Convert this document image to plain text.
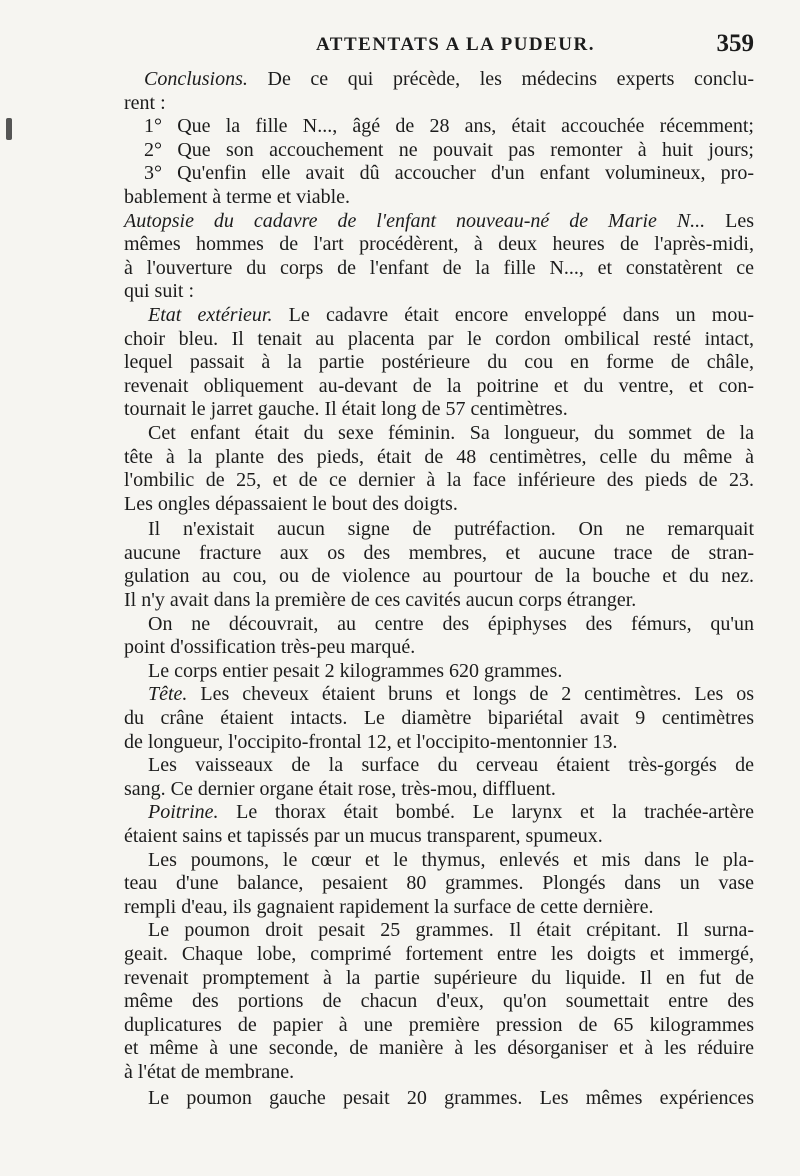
ATTENTATS A LA PUDEUR.	359
Conclusions. De ce qui précède, les médecins experts conclu-
rent :
1° Que la fille N..., âgé de 28 ans, était accouchée récemment;
2° Que son accouchement ne pouvait pas remonter à huit jours;
3° Qu'enfin elle avait dû accoucher d'un enfant volumineux, pro-
bablement à terme et viable.
Autopsie du cadavre de l'enfant nouveau-né de Marie N... Les
mêmes hommes de l'art procédèrent, à deux heures de l'après-midi,
à l'ouverture du corps de l'enfant de la fille N..., et constatèrent ce
qui suit :
Etat extérieur. Le cadavre était encore enveloppé dans un mou-
choir bleu. Il tenait au placenta par le cordon ombilical resté intact,
lequel passait à la partie postérieure du cou en forme de châle,
revenait obliquement au-devant de la poitrine et du ventre, et con-
tournait le jarret gauche. Il était long de 57 centimètres.
Cet enfant était du sexe féminin. Sa longueur, du sommet de la
tête à la plante des pieds, était de 48 centimètres, celle du même à
l'ombilic de 25, et de ce dernier à la face inférieure des pieds de 23.
Les ongles dépassaient le bout des doigts.
Il n'existait aucun signe de putréfaction. On ne remarquait
aucune fracture aux os des membres, et aucune trace de stran-
gulation au cou, ou de violence au pourtour de la bouche et du nez.
Il n'y avait dans la première de ces cavités aucun corps étranger.
On ne découvrait, au centre des épiphyses des fémurs, qu'un
point d'ossification très-peu marqué.
Le corps entier pesait 2 kilogrammes 620 grammes.
Tête. Les cheveux étaient bruns et longs de 2 centimètres. Les os
du crâne étaient intacts. Le diamètre bipariétal avait 9 centimètres
de longueur, l'occipito-frontal 12, et l'occipito-mentonnier 13.
Les vaisseaux de la surface du cerveau étaient très-gorgés de
sang. Ce dernier organe était rose, très-mou, diffluent.
Poitrine. Le thorax était bombé. Le larynx et la trachée-artère
étaient sains et tapissés par un mucus transparent, spumeux.
Les poumons, le cœur et le thymus, enlevés et mis dans le pla-
teau d'une balance, pesaient 80 grammes. Plongés dans un vase
rempli d'eau, ils gagnaient rapidement la surface de cette dernière.
Le poumon droit pesait 25 grammes. Il était crépitant. Il surna-
geait. Chaque lobe, comprimé fortement entre les doigts et immergé,
revenait promptement à la partie supérieure du liquide. Il en fut de
même des portions de chacun d'eux, qu'on soumettait entre des
duplicatures de papier à une première pression de 65 kilogrammes
et même à une seconde, de manière à les désorganiser et à les réduire
à l'état de membrane.
Le poumon gauche pesait 20 grammes. Les mêmes expériences
